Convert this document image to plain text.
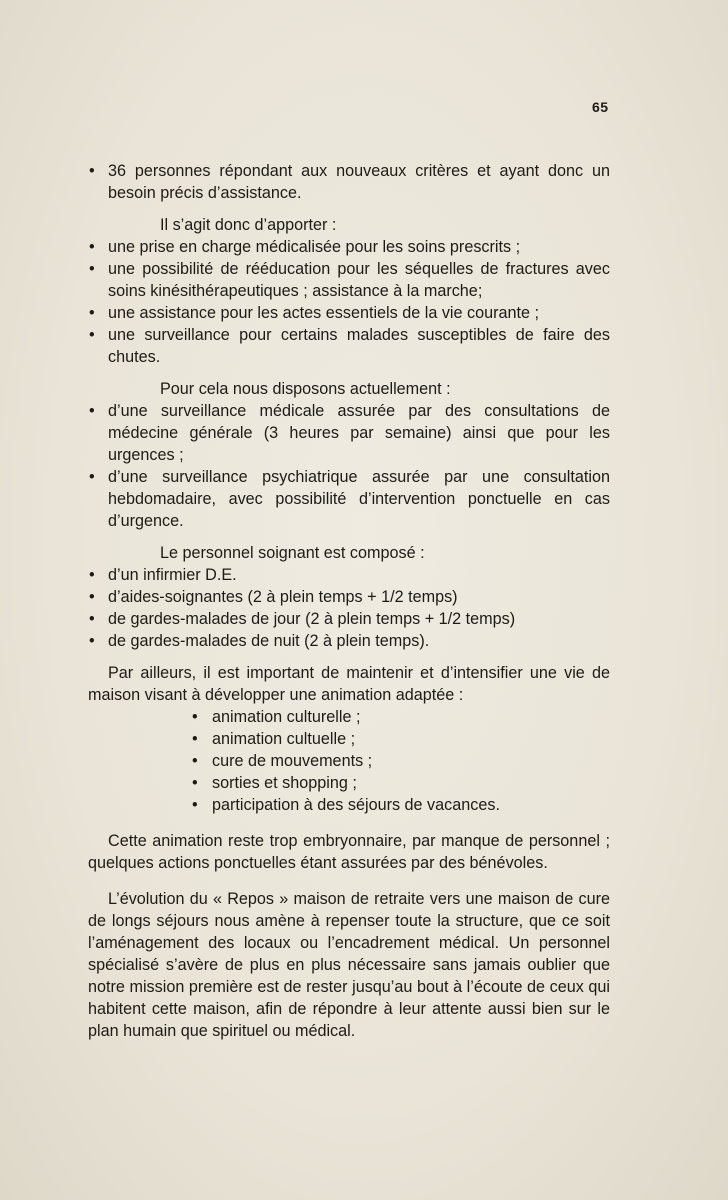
65

• 36 personnes répondant aux nouveaux critères et ayant donc un besoin précis d’assistance.

Il s’agit donc d’apporter :

• une prise en charge médicalisée pour les soins prescrits ;

• une possibilité de rééducation pour les séquelles de fractures avec soins kinésithérapeutiques ; assistance à la marche;

• une assistance pour les actes essentiels de la vie courante ;

• une surveillance pour certains malades susceptibles de faire des chutes.

Pour cela nous disposons actuellement :

• d’une surveillance médicale assurée par des consultations de médecine générale (3 heures par semaine) ainsi que pour les urgences ;

• d’une surveillance psychiatrique assurée par une consultation hebdomadaire, avec possibilité d’intervention ponctuelle en cas d’urgence.

Le personnel soignant est composé :

• d’un infirmier D.E.

• d’aides-soignantes (2 à plein temps + 1/2 temps)

• de gardes-malades de jour (2 à plein temps + 1/2 temps)

• de gardes-malades de nuit (2 à plein temps).

Par ailleurs, il est important de maintenir et d’intensifier une vie de maison visant à développer une animation adaptée :

• animation culturelle ;

• animation cultuelle ;

• cure de mouvements ;

• sorties et shopping ;

• participation à des séjours de vacances.

Cette animation reste trop embryonnaire, par manque de personnel ; quelques actions ponctuelles étant assurées par des bénévoles.

L’évolution du « Repos » maison de retraite vers une maison de cure de longs séjours nous amène à repenser toute la structure, que ce soit l’aménagement des locaux ou l’encadrement médical. Un personnel spécialisé s’avère de plus en plus nécessaire sans jamais oublier que notre mission première est de rester jusqu’au bout à l’écoute de ceux qui habitent cette maison, afin de répondre à leur attente aussi bien sur le plan humain que spirituel ou médical.
